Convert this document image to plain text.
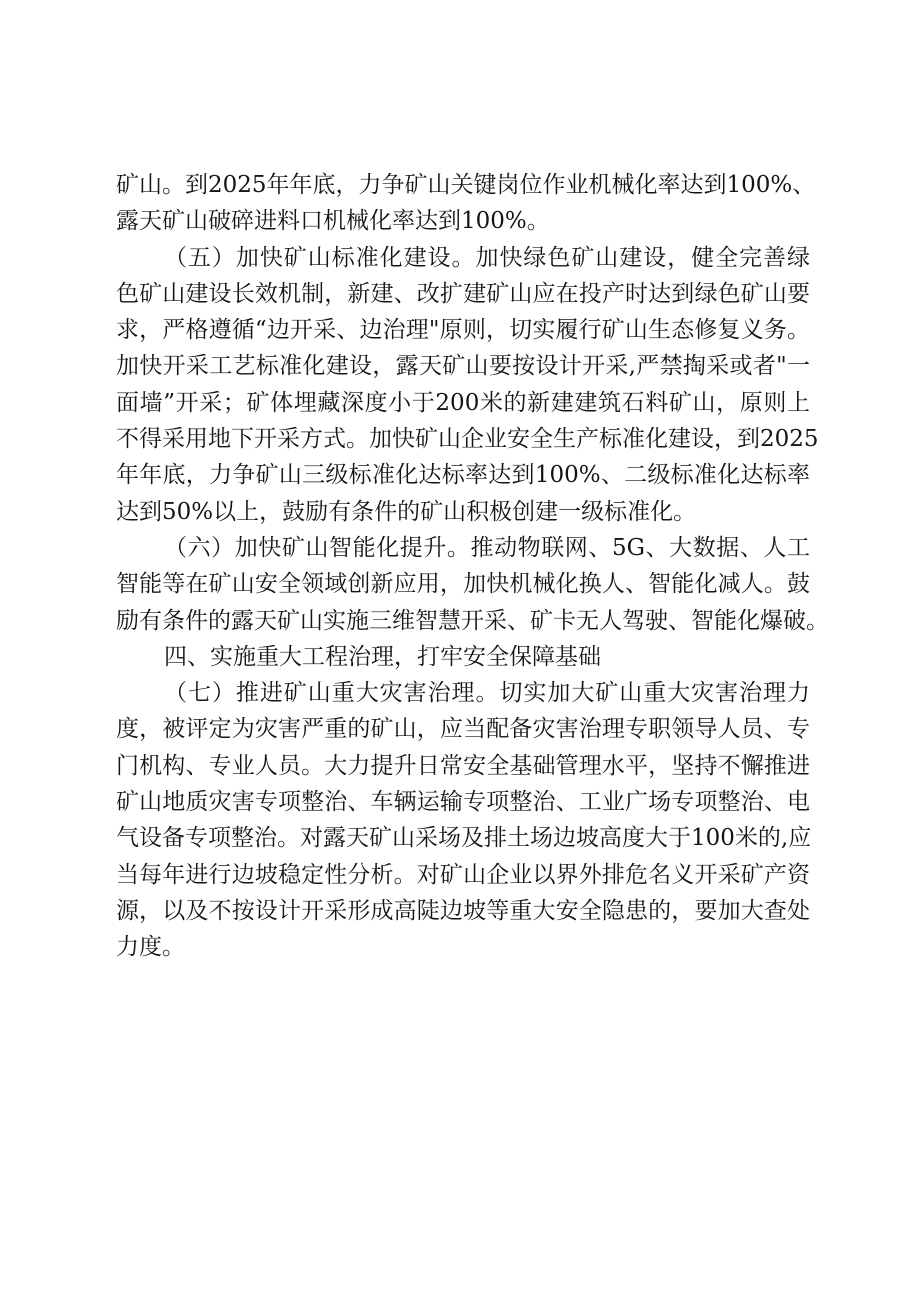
矿山。到2025年年底，力争矿山关键岗位作业机械化率达到100%、
露天矿山破碎进料口机械化率达到100%。
（五）加快矿山标准化建设。加快绿色矿山建设，健全完善绿
色矿山建设长效机制，新建、改扩建矿山应在投产时达到绿色矿山要
求，严格遵循“边开采、边治理"原则，切实履行矿山生态修复义务。
加快开采工艺标准化建设，露天矿山要按设计开采,严禁掏采或者"一
面墙”开采；矿体埋藏深度小于200米的新建建筑石料矿山，原则上
不得采用地下开采方式。加快矿山企业安全生产标准化建设，到2025
年年底，力争矿山三级标准化达标率达到100%、二级标准化达标率
达到50%以上，鼓励有条件的矿山积极创建一级标准化。
（六）加快矿山智能化提升。推动物联网、5G、大数据、人工
智能等在矿山安全领域创新应用，加快机械化换人、智能化减人。鼓
励有条件的露天矿山实施三维智慧开采、矿卡无人驾驶、智能化爆破。
四、实施重大工程治理，打牢安全保障基础
（七）推进矿山重大灾害治理。切实加大矿山重大灾害治理力
度，被评定为灾害严重的矿山，应当配备灾害治理专职领导人员、专
门机构、专业人员。大力提升日常安全基础管理水平，坚持不懈推进
矿山地质灾害专项整治、车辆运输专项整治、工业广场专项整治、电
气设备专项整治。对露天矿山采场及排土场边坡高度大于100米的,应
当每年进行边坡稳定性分析。对矿山企业以界外排危名义开采矿产资
源，以及不按设计开采形成高陡边坡等重大安全隐患的，要加大查处
力度。
